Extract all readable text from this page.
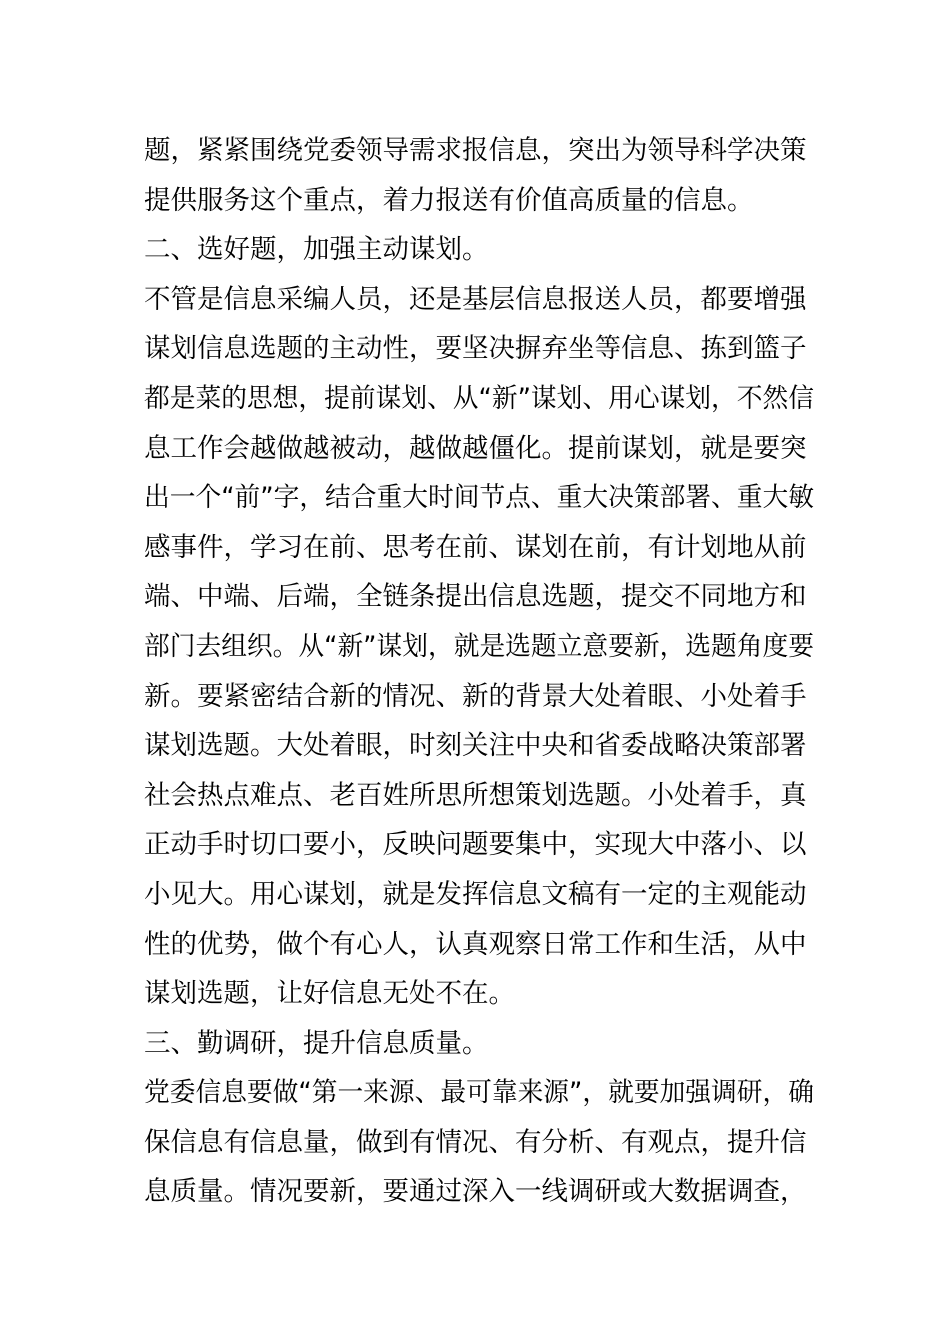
题，紧紧围绕党委领导需求报信息，突出为领导科学决策
提供服务这个重点，着力报送有价值高质量的信息。
二、选好题，加强主动谋划。
不管是信息采编人员，还是基层信息报送人员，都要增强
谋划信息选题的主动性，要坚决摒弃坐等信息、拣到篮子
都是菜的思想，提前谋划、从“新”谋划、用心谋划，不然信
息工作会越做越被动，越做越僵化。提前谋划，就是要突
出一个“前”字，结合重大时间节点、重大决策部署、重大敏
感事件，学习在前、思考在前、谋划在前，有计划地从前
端、中端、后端，全链条提出信息选题，提交不同地方和
部门去组织。从“新”谋划，就是选题立意要新，选题角度要
新。要紧密结合新的情况、新的背景大处着眼、小处着手
谋划选题。大处着眼，时刻关注中央和省委战略决策部署
社会热点难点、老百姓所思所想策划选题。小处着手，真
正动手时切口要小，反映问题要集中，实现大中落小、以
小见大。用心谋划，就是发挥信息文稿有一定的主观能动
性的优势，做个有心人，认真观察日常工作和生活，从中
谋划选题，让好信息无处不在。
三、勤调研，提升信息质量。
党委信息要做“第一来源、最可靠来源”，就要加强调研，确
保信息有信息量，做到有情况、有分析、有观点，提升信
息质量。情况要新，要通过深入一线调研或大数据调查，
